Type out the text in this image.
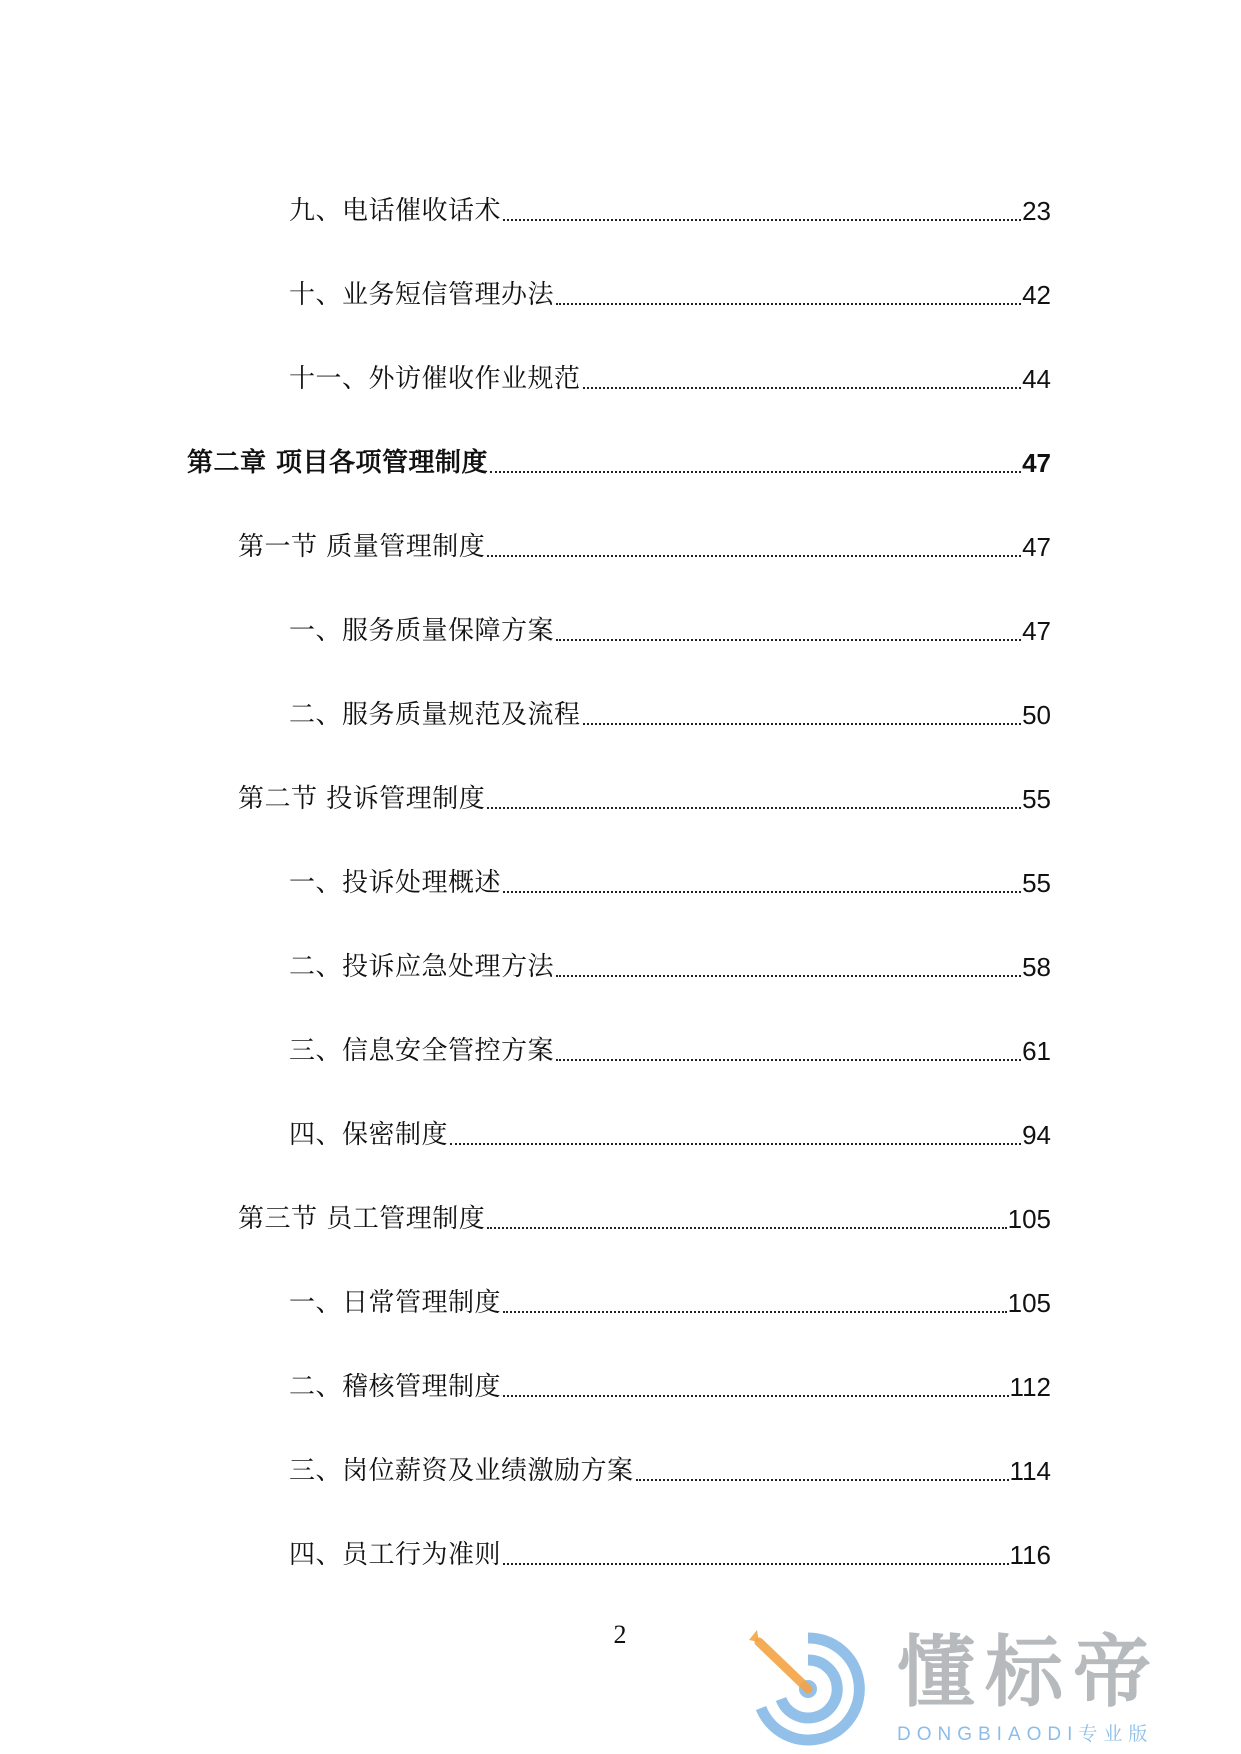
九、电话催收话术	23
十、业务短信管理办法	42
十一、外访催收作业规范	44
第二章 项目各项管理制度	47
第一节 质量管理制度	47
一、服务质量保障方案	47
二、服务质量规范及流程	50
第二节 投诉管理制度	55
一、投诉处理概述	55
二、投诉应急处理方法	58
三、信息安全管控方案	61
四、保密制度	94
第三节 员工管理制度	105
一、日常管理制度	105
二、稽核管理制度	112
三、岗位薪资及业绩激励方案	114
四、员工行为准则	116
2	懂标帝
DONGBIAODI专业版
